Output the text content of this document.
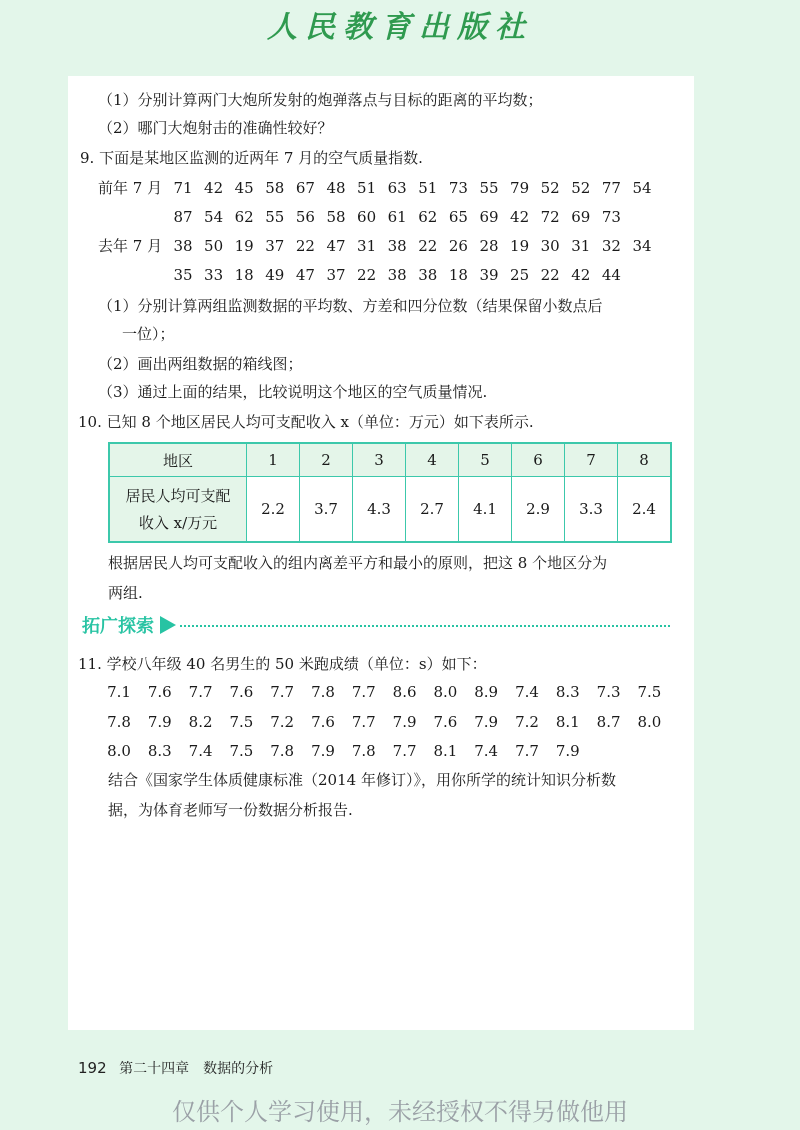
人民教育出版社
（1）分别计算两门大炮所发射的炮弹落点与目标的距离的平均数；
（2）哪门大炮射击的准确性较好？
9. 下面是某地区监测的近两年 7 月的空气质量指数.
前年 7 月 71 42 45 58 67 48 51 63 51 73 55 79 52 52 77 54
87 54 62 55 56 58 60 61 62 65 69 42 72 69 73
去年 7 月 38 50 19 37 22 47 31 38 22 26 28 19 30 31 32 34
35 33 18 49 47 37 22 38 38 18 39 25 22 42 44
（1）分别计算两组监测数据的平均数、方差和四分位数（结果保留小数点后
一位）；
（2）画出两组数据的箱线图；
（3）通过上面的结果，比较说明这个地区的空气质量情况.
10. 已知 8 个地区居民人均可支配收入 x（单位：万元）如下表所示.
地区	1	2	3	4	5	6	7	8

居民人均可支配
收入 x/万元	2.2	3.7	4.3	2.7	4.1	2.9	3.3	2.4
根据居民人均可支配收入的组内离差平方和最小的原则，把这 8 个地区分为
两组.
拓广探索
11. 学校八年级 40 名男生的 50 米跑成绩（单位：s）如下：
7.1 7.6 7.7 7.6 7.7 7.8 7.7 8.6 8.0 8.9 7.4 8.3 7.3 7.5
7.8 7.9 8.2 7.5 7.2 7.6 7.7 7.9 7.6 7.9 7.2 8.1 8.7 8.0
8.0 8.3 7.4 7.5 7.8 7.9 7.8 7.7 8.1 7.4 7.7 7.9
结合《国家学生体质健康标准（2014 年修订）》，用你所学的统计知识分析数
据，为体育老师写一份数据分析报告.
192 第二十四章　数据的分析
仅供个人学习使用，未经授权不得另做他用
